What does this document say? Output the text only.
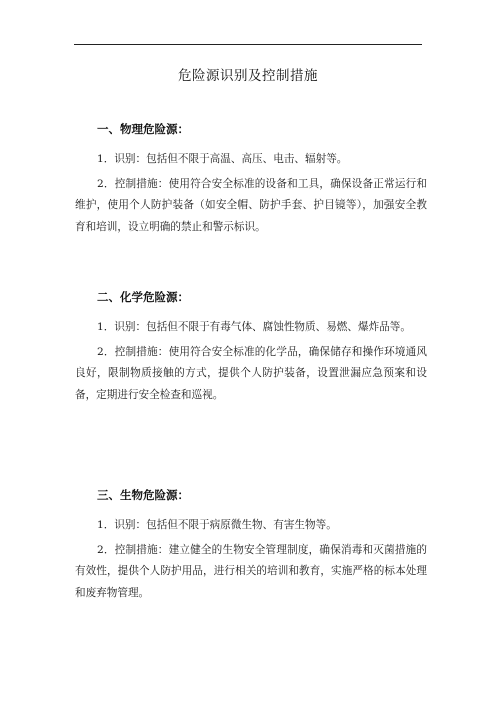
危险源识别及控制措施
一、物理危险源：

1．识别：包括但不限于高温、高压、电击、辐射等。

2．控制措施：使用符合安全标准的设备和工具，确保设备正常运行和维护，使用个人防护装备（如安全帽、防护手套、护目镜等），加强安全教育和培训，设立明确的禁止和警示标识。

二、化学危险源：

1．识别：包括但不限于有毒气体、腐蚀性物质、易燃、爆炸品等。

2．控制措施：使用符合安全标准的化学品，确保储存和操作环境通风良好，限制物质接触的方式，提供个人防护装备，设置泄漏应急预案和设备，定期进行安全检查和巡视。

三、生物危险源：

1．识别：包括但不限于病原微生物、有害生物等。

2．控制措施：建立健全的生物安全管理制度，确保消毒和灭菌措施的有效性，提供个人防护用品，进行相关的培训和教育，实施严格的标本处理和废弃物管理。
